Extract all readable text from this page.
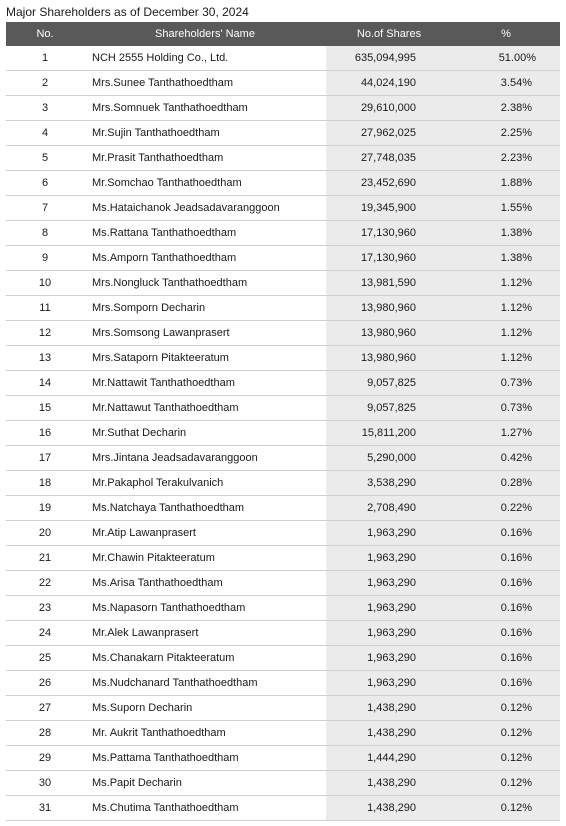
Major Shareholders as of December 30, 2024
No.	Shareholders' Name	No.of Shares	%
1	NCH 2555 Holding Co., Ltd.	635,094,995	51.00%
2	Mrs.Sunee Tanthathoedtham	44,024,190	3.54%
3	Mrs.Somnuek Tanthathoedtham	29,610,000	2.38%
4	Mr.Sujin Tanthathoedtham	27,962,025	2.25%
5	Mr.Prasit Tanthathoedtham	27,748,035	2.23%
6	Mr.Somchao Tanthathoedtham	23,452,690	1.88%
7	Ms.Hataichanok Jeadsadavaranggoon	19,345,900	1.55%
8	Ms.Rattana Tanthathoedtham	17,130,960	1.38%
9	Ms.Amporn Tanthathoedtham	17,130,960	1.38%
10	Mrs.Nongluck Tanthathoedtham	13,981,590	1.12%
11	Mrs.Somporn Decharin	13,980,960	1.12%
12	Mrs.Somsong Lawanprasert	13,980,960	1.12%
13	Mrs.Sataporn Pitakteeratum	13,980,960	1.12%
14	Mr.Nattawit Tanthathoedtham	9,057,825	0.73%
15	Mr.Nattawut Tanthathoedtham	9,057,825	0.73%
16	Mr.Suthat Decharin	15,811,200	1.27%
17	Mrs.Jintana Jeadsadavaranggoon	5,290,000	0.42%
18	Mr.Pakaphol Terakulvanich	3,538,290	0.28%
19	Ms.Natchaya Tanthathoedtham	2,708,490	0.22%
20	Mr.Atip Lawanprasert	1,963,290	0.16%
21	Mr.Chawin Pitakteeratum	1,963,290	0.16%
22	Ms.Arisa Tanthathoedtham	1,963,290	0.16%
23	Ms.Napasorn Tanthathoedtham	1,963,290	0.16%
24	Mr.Alek Lawanprasert	1,963,290	0.16%
25	Ms.Chanakarn Pitakteeratum	1,963,290	0.16%
26	Ms.Nudchanard Tanthathoedtham	1,963,290	0.16%
27	Ms.Suporn Decharin	1,438,290	0.12%
28	Mr. Aukrit Tanthathoedtham	1,438,290	0.12%
29	Ms.Pattama Tanthathoedtham	1,444,290	0.12%
30	Ms.Papit Decharin	1,438,290	0.12%
31	Ms.Chutima Tanthathoedtham	1,438,290	0.12%
